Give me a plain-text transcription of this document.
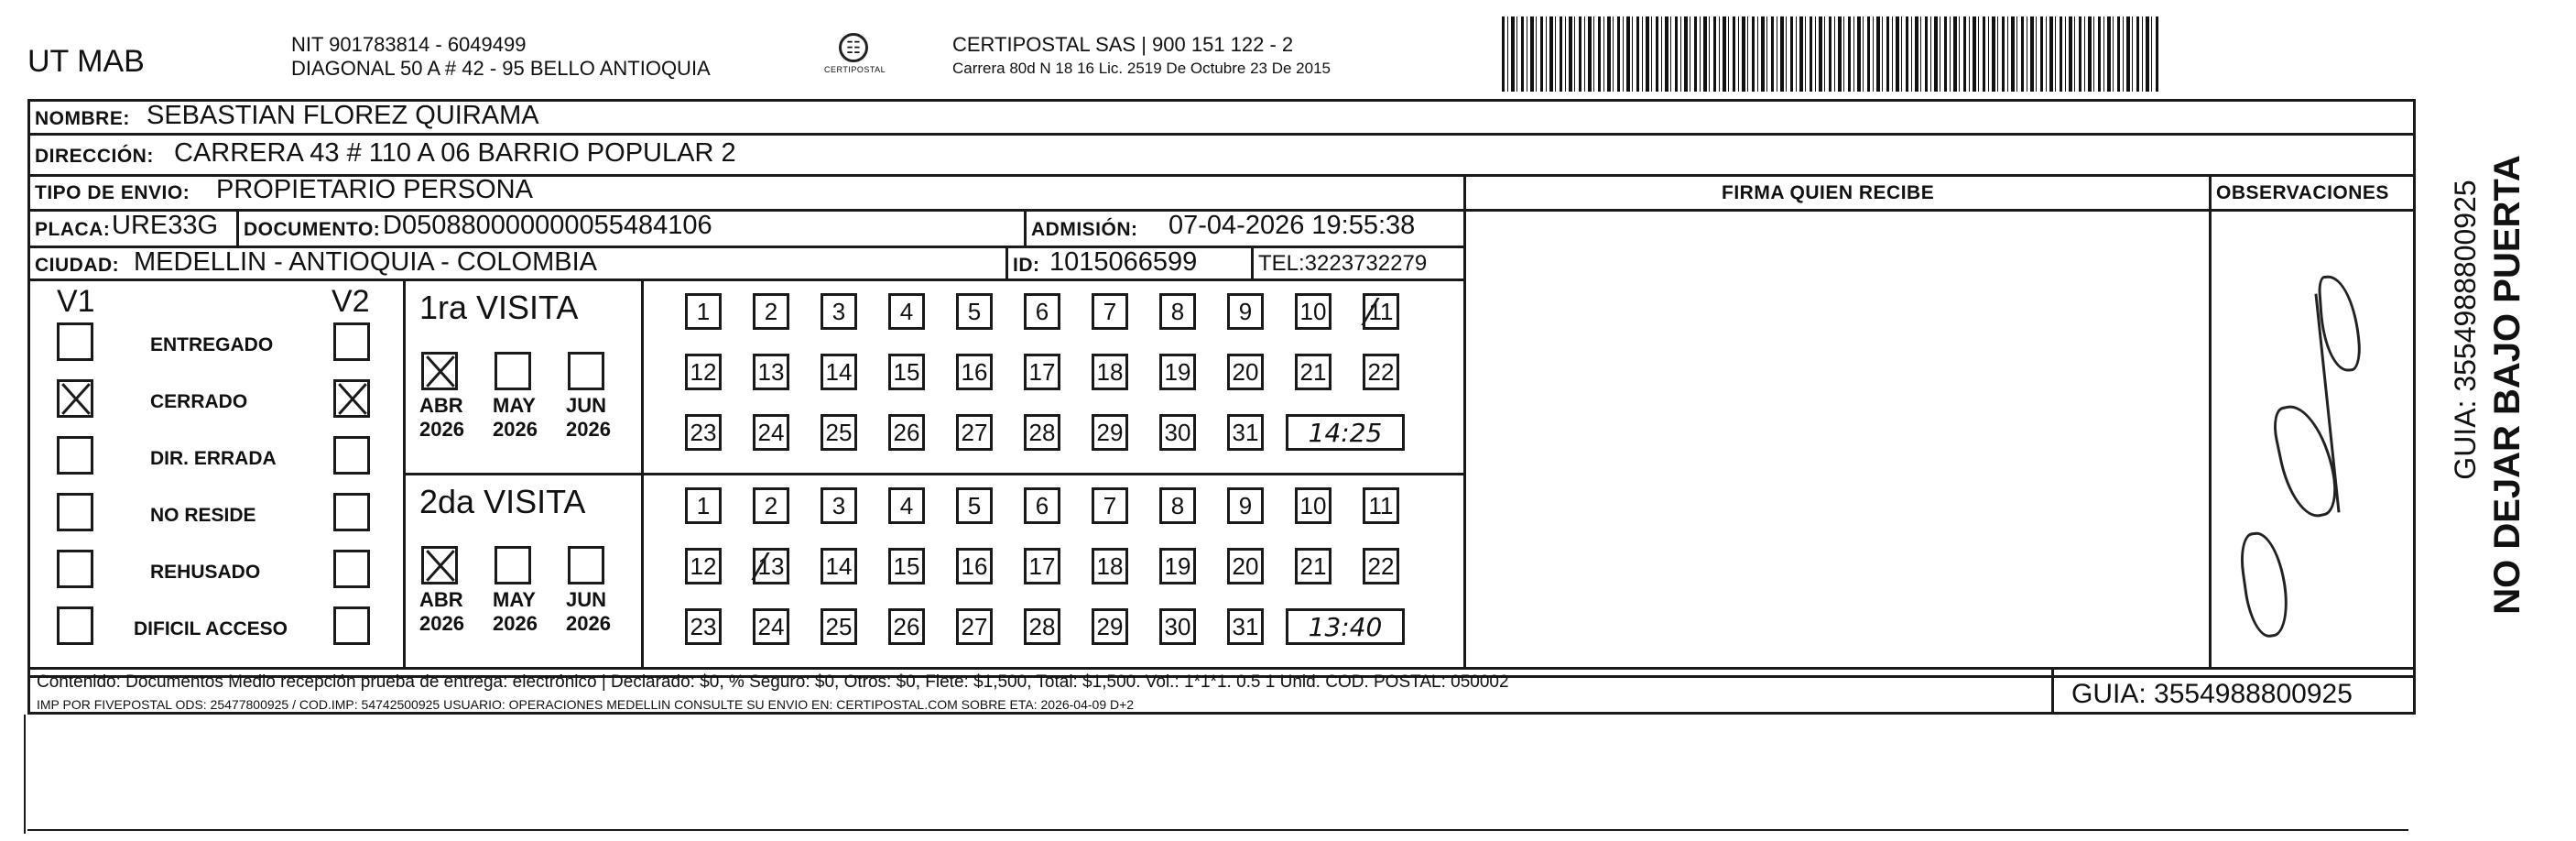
UT MAB	NIT 901783814 - 6049499
DIAGONAL 50 A # 42 - 95 BELLO ANTIOQUIA
☷
CERTIPOSTAL
CERTIPOSTAL SAS | 900 151 122 - 2
Carrera 80d N 18 16 Lic. 2519 De Octubre 23 De 2015
NOMBRE: SEBASTIAN FLOREZ QUIRAMA
DIRECCIÓN: CARRERA 43 # 110 A 06 BARRIO POPULAR 2
TIPO DE ENVIO: PROPIETARIO PERSONA	FIRMA QUIEN RECIBE	OBSERVACIONES
PLACA: URE33G DOCUMENTO: D050880000000055484106	ADMISIÓN: 07-04-2026 19:55:38
CIUDAD: MEDELLIN - ANTIOQUIA - COLOMBIA	ID: 1015066599	TEL:3223732279
V1	V2
ENTREGADO
CERRADO
DIR. ERRADA
NO RESIDE
REHUSADO
DIFICIL ACCESO
1ra VISITA
ABR
2026
MAY
2026
JUN
2026
1	2	3	4	5	6	7	8	9	10 11
12 13 14 15 16 17 18 19 20 21 22
23 24 25 26 27 28 29 30 31	14:25
2da VISITA
ABR
2026
MAY
2026
JUN
2026
1	2	3	4	5	6	7	8	9	10 11
12 13 14 15 16 17 18 19 20 21 22
23 24 25 26 27 28 29 30 31	13:40
NO DEJAR BAJO PUERTA
GUIA: 3554988800925
Contenido: Documentos Medio recepción prueba de entrega: electrónico | Declarado: $0, % Seguro: $0, Otros: $0, Flete: $1,500, Total: $1,500. Vol.: 1*1*1. 0.5 1 Unid. COD. POSTAL: 050002
IMP POR FIVEPOSTAL ODS: 25477800925 / COD.IMP: 54742500925 USUARIO: OPERACIONES MEDELLIN CONSULTE SU ENVIO EN: CERTIPOSTAL.COM SOBRE ETA: 2026-04-09 D+2	GUIA: 3554988800925
